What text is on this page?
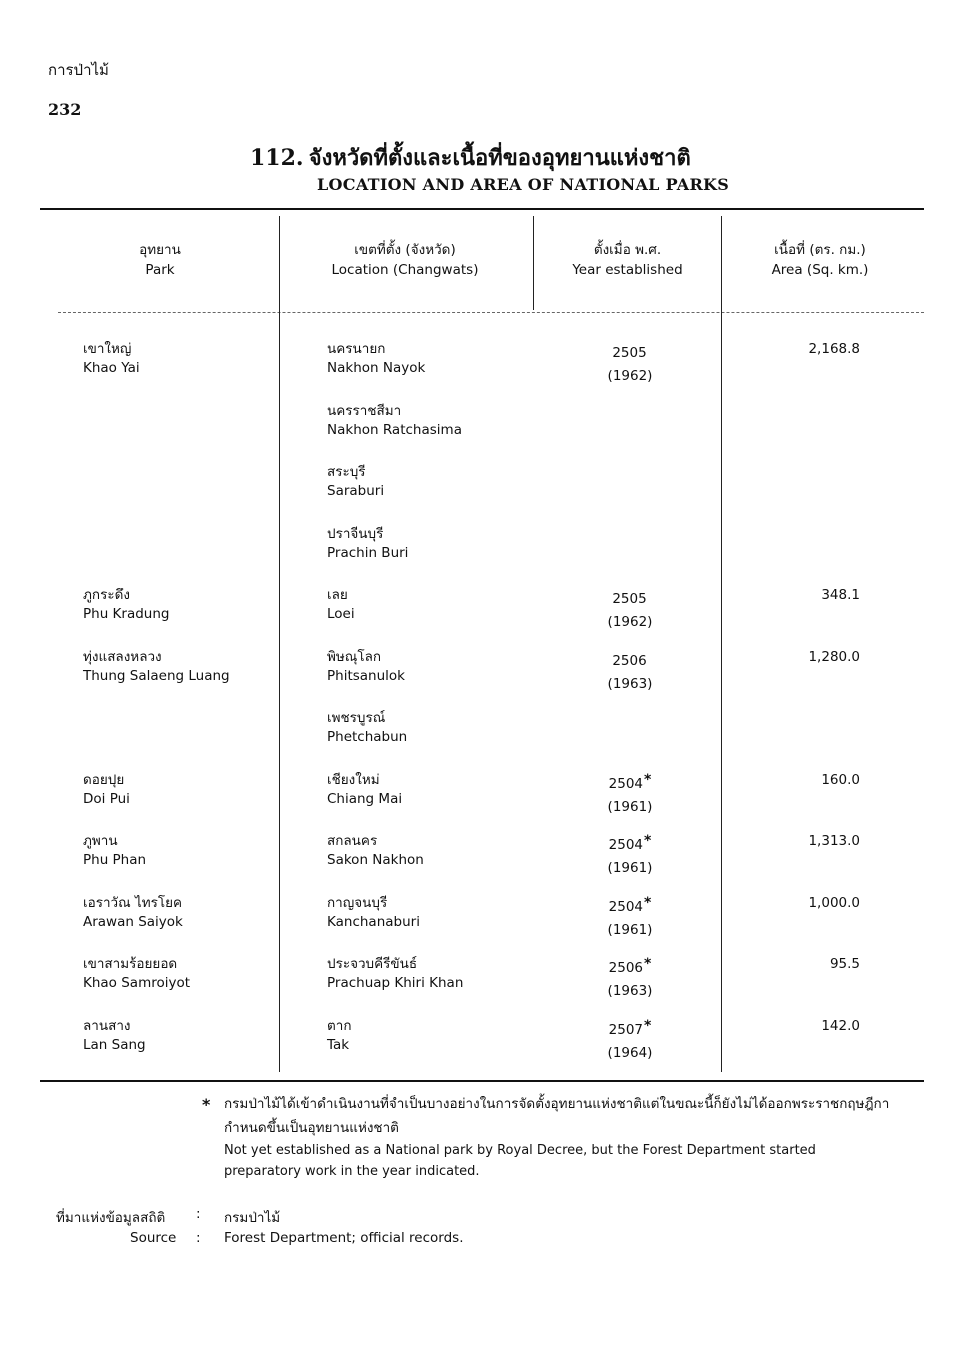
การป่าไม้
232
112. จังหวัดที่ตั้งและเนื้อที่ของอุทยานแห่งชาติ
LOCATION AND AREA OF NATIONAL PARKS
อุทยาน
Park
เขตที่ตั้ง (จังหวัด)
Location (Changwats)
ตั้งเมื่อ พ.ศ.
Year established
เนื้อที่ (ตร. กม.)
Area (Sq. km.)
เขาใหญ่
Khao Yai
นครนายก
Nakhon Nayok
2505
(1962)
2,168.8
นครราชสีมา
Nakhon Ratchasima
สระบุรี
Saraburi
ปราจีนบุรี
Prachin Buri
ภูกระดึง
Phu Kradung
เลย
Loei
2505
(1962)
348.1
ทุ่งแสลงหลวง
Thung Salaeng Luang
พิษณุโลก
Phitsanulok
2506
(1963)
1,280.0
เพชรบูรณ์
Phetchabun
ดอยปุย
Doi Pui
เชียงใหม่
Chiang Mai
2504*
(1961)
160.0
ภูพาน
Phu Phan
สกลนคร
Sakon Nakhon
2504*
(1961)
1,313.0
เอราวัณ ไทรโยค
Arawan Saiyok
กาญจนบุรี
Kanchanaburi
2504*
(1961)
1,000.0
เขาสามร้อยยอด
Khao Samroiyot
ประจวบคีรีขันธ์
Prachuap Khiri Khan
2506*
(1963)
95.5
ลานสาง
Lan Sang
ตาก
Tak
2507*
(1964)
142.0
* กรมป่าไม้ได้เข้าดำเนินงานที่จำเป็นบางอย่างในการจัดตั้งอุทยานแห่งชาติแต่ในขณะนี้ก็ยังไม่ได้ออกพระราชกฤษฎีกา
กำหนดขึ้นเป็นอุทยานแห่งชาติ
Not yet established as a National park by Royal Decree, but the Forest Department started
preparatory work in the year indicated.
ที่มาแห่งข้อมูลสถิติ : กรมป่าไม้
Source : Forest Department; official records.
